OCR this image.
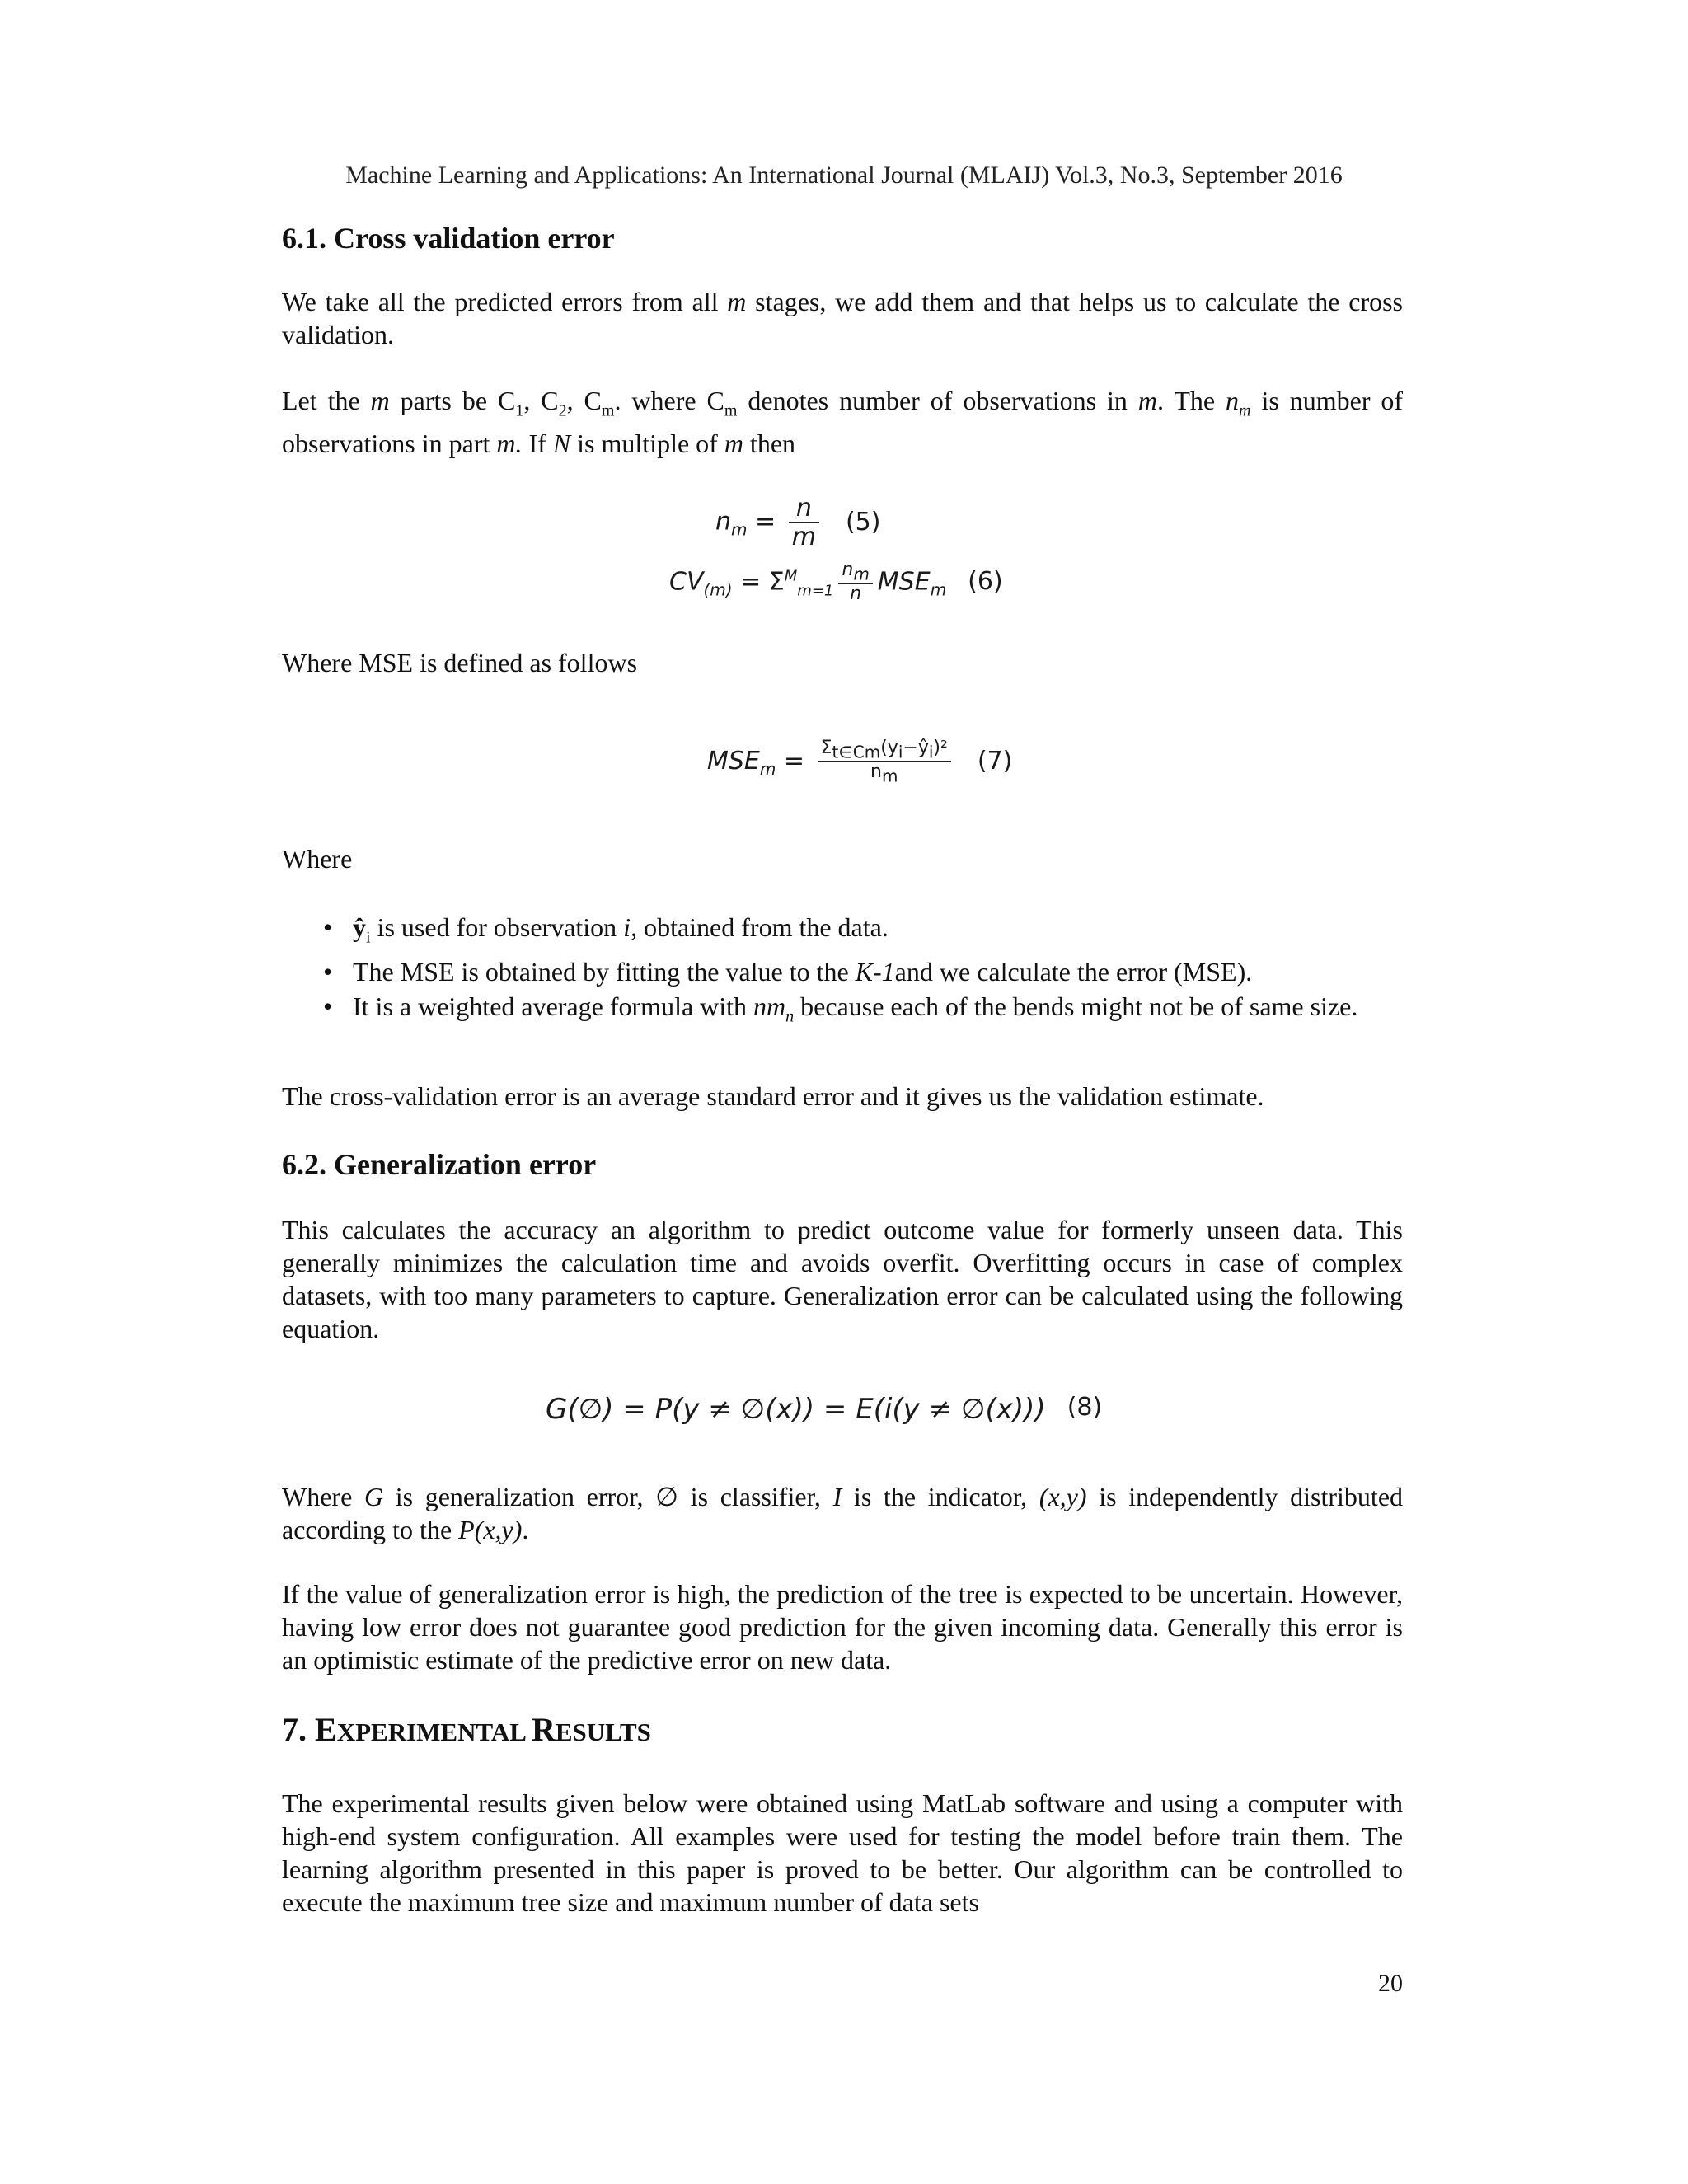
Machine Learning and Applications: An International Journal (MLAIJ) Vol.3, No.3, September 2016
6.1. Cross validation error

We take all the predicted errors from all m stages, we add them and that helps us to calculate the cross validation.

Let the m parts be $C_1$, $C_2$, $C_m$. where $C_m$ denotes number of observations in m. The $n_m$ is number of observations in part m. If N is multiple of m then

$n_m = \frac{n}{m} (5)$
$CV_{(m)} = \Sigma^M_{m=1} \frac{n_m}{n} MSE_m$ (6)
Where MSE is defined as follows
$MSE_m = \frac{\Sigma_{t\in Cm}(y_i-ŷ_i)^2}{n_m} (7)$
Where
• $ŷ_i$ is used for observation i, obtained from the data.
• The MSE is obtained by fitting the value to the K-1and we calculate the error (MSE).
• It is a weighted average formula with $nm_n$ because each of the bends might not be of same size.

The cross-validation error is an average standard error and it gives us the validation estimate.

6.2. Generalization error

This calculates the accuracy an algorithm to predict outcome value for formerly unseen data. This generally minimizes the calculation time and avoids overfit. Overfitting occurs in case of complex datasets, with too many parameters to capture. Generalization error can be calculated using the following equation.

G(∅) = P(y ≠ ∅(x)) = E(i(y ≠ ∅(x))) (8)

Where G is generalization error, ∅ is classifier, I is the indicator, (x,y) is independently distributed according to the P(x,y).

If the value of generalization error is high, the prediction of the tree is expected to be uncertain. However, having low error does not guarantee good prediction for the given incoming data. Generally this error is an optimistic estimate of the predictive error on new data.

7. EXPERIMENTAL RESULTS

The experimental results given below were obtained using MatLab software and using a computer with high-end system configuration. All examples were used for testing the model before train them. The learning algorithm presented in this paper is proved to be better. Our algorithm can be controlled to execute the maximum tree size and maximum number of data sets

20
